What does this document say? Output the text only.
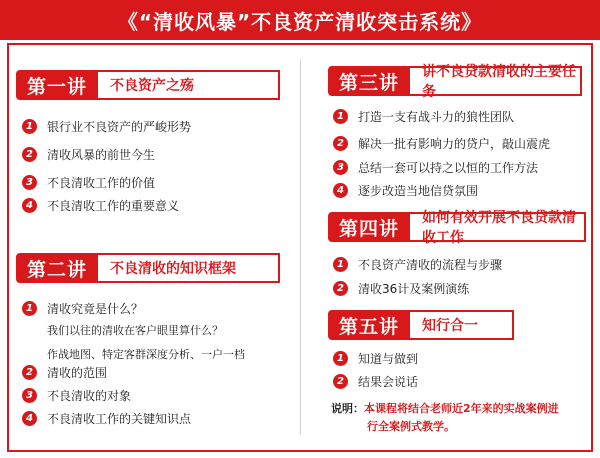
《“清收风暴”不良资产清收突击系统》
第一讲	不良资产之殇
1	银行业不良资产的严峻形势
2	清收风暴的前世今生
3	不良清收工作的价值
4	不良清收工作的重要意义
第二讲	不良清收的知识框架
1	清收究竟是什么？
我们以往的清收在客户眼里算什么？
作战地图、特定客群深度分析、一户一档
2	清收的范围
3	不良清收的对象
4	不良清收工作的关键知识点
第三讲	讲不良贷款清收的主要任务
1	打造一支有战斗力的狼性团队
2	解决一批有影响力的贷户，敲山震虎
3	总结一套可以持之以恒的工作方法
4	逐步改造当地信贷氛围
第四讲	如何有效开展不良贷款清收工作
1	不良资产清收的流程与步骤
2	清收36计及案例演练
第五讲	知行合一
1	知道与做到
2	结果会说话
说明：本课程将结合老师近2年来的实战案例进
行全案例式教学。
